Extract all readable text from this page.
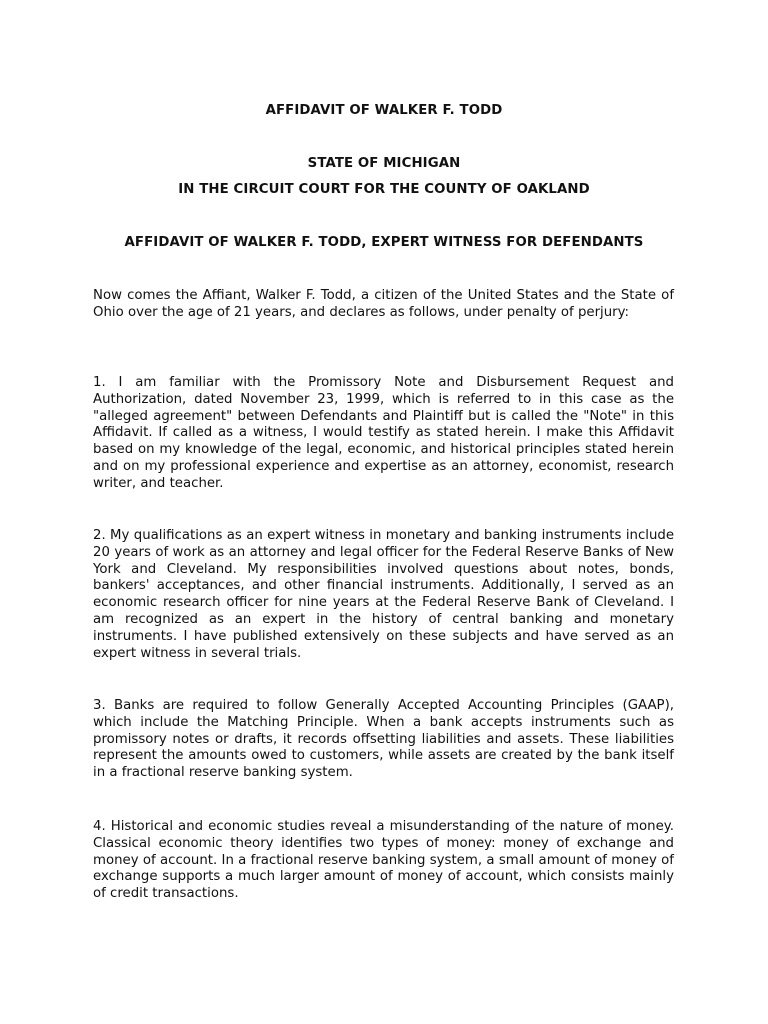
AFFIDAVIT OF WALKER F. TODD
STATE OF MICHIGAN
IN THE CIRCUIT COURT FOR THE COUNTY OF OAKLAND
AFFIDAVIT OF WALKER F. TODD, EXPERT WITNESS FOR DEFENDANTS

Now comes the Affiant, Walker F. Todd, a citizen of the United States and the State of Ohio over the age of 21 years, and declares as follows, under penalty of perjury:

1. I am familiar with the Promissory Note and Disbursement Request and Authorization, dated November 23, 1999, which is referred to in this case as the "alleged agreement" between Defendants and Plaintiff but is called the "Note" in this Affidavit. If called as a witness, I would testify as stated herein. I make this Affidavit based on my knowledge of the legal, economic, and historical principles stated herein and on my professional experience and expertise as an attorney, economist, research writer, and teacher.

2. My qualifications as an expert witness in monetary and banking instruments include 20 years of work as an attorney and legal officer for the Federal Reserve Banks of New York and Cleveland. My responsibilities involved questions about notes, bonds, bankers' acceptances, and other financial instruments. Additionally, I served as an economic research officer for nine years at the Federal Reserve Bank of Cleveland. I am recognized as an expert in the history of central banking and monetary instruments. I have published extensively on these subjects and have served as an expert witness in several trials.

3. Banks are required to follow Generally Accepted Accounting Principles (GAAP), which include the Matching Principle. When a bank accepts instruments such as promissory notes or drafts, it records offsetting liabilities and assets. These liabilities represent the amounts owed to customers, while assets are created by the bank itself in a fractional reserve banking system.

4. Historical and economic studies reveal a misunderstanding of the nature of money. Classical economic theory identifies two types of money: money of exchange and money of account. In a fractional reserve banking system, a small amount of money of exchange supports a much larger amount of money of account, which consists mainly of credit transactions.
